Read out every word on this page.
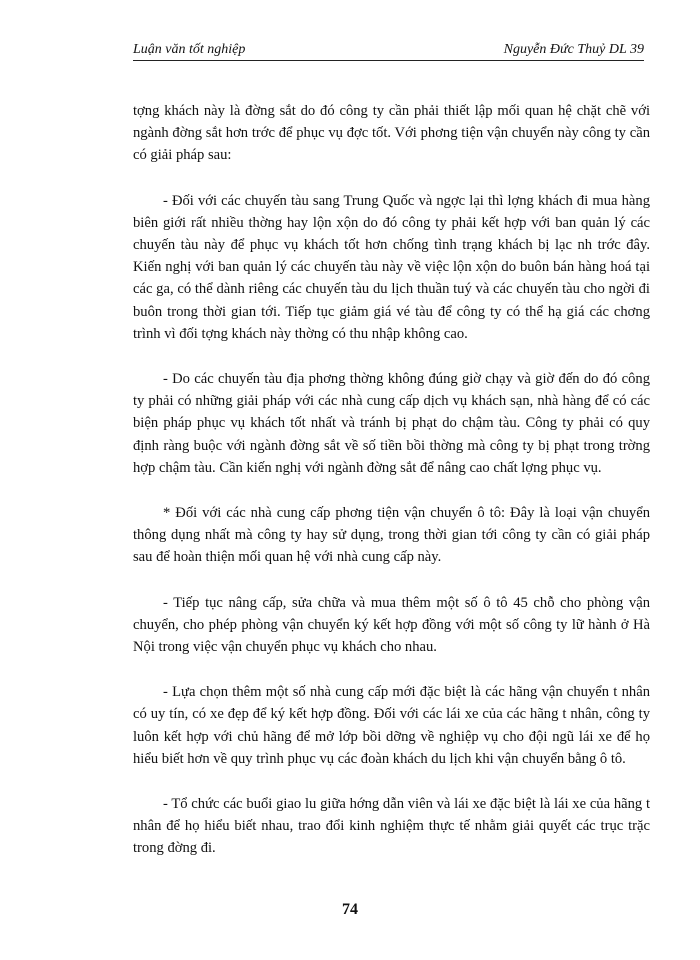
Luận văn tốt nghiệp	Nguyễn Đức Thuỷ DL 39

tợng khách này là đờng sắt do đó công ty cần phải thiết lập mối quan hệ chặt chẽ với ngành đờng sắt hơn trớc để phục vụ đợc tốt. Với phơng tiện vận chuyển này công ty cần có giải pháp sau:

- Đối với các chuyến tàu sang Trung Quốc và ngợc lại thì lợng khách đi mua hàng biên giới rất nhiều thờng hay lộn xộn do đó công ty phải kết hợp với ban quản lý các chuyến tàu này để phục vụ khách tốt hơn chống tình trạng khách bị lạc nh trớc đây. Kiến nghị với ban quản lý các chuyến tàu này về việc lộn xộn do buôn bán hàng hoá tại các ga, có thể dành riêng các chuyến tàu du lịch thuần tuý và các chuyến tàu cho ngời đi buôn trong thời gian tới. Tiếp tục giảm giá vé tàu để công ty có thể hạ giá các chơng trình vì đối tợng khách này thờng có thu nhập không cao.

- Do các chuyến tàu địa phơng thờng không đúng giờ chạy và giờ đến do đó công ty phải có những giải pháp với các nhà cung cấp dịch vụ khách sạn, nhà hàng để có các biện pháp phục vụ khách tốt nhất và tránh bị phạt do chậm tàu. Công ty phải có quy định ràng buộc với ngành đờng sắt về số tiền bồi thờng mà công ty bị phạt trong trờng hợp chậm tàu. Cần kiến nghị với ngành đờng sắt để nâng cao chất lợng phục vụ.

* Đối với các nhà cung cấp phơng tiện vận chuyển ô tô: Đây là loại vận chuyển thông dụng nhất mà công ty hay sử dụng, trong thời gian tới công ty cần có giải pháp sau để hoàn thiện mối quan hệ với nhà cung cấp này.

- Tiếp tục nâng cấp, sửa chữa và mua thêm một số ô tô 45 chỗ cho phòng vận chuyển, cho phép phòng vận chuyển ký kết hợp đồng với một số công ty lữ hành ở Hà Nội trong việc vận chuyển phục vụ khách cho nhau.

- Lựa chọn thêm một số nhà cung cấp mới đặc biệt là các hãng vận chuyển t nhân có uy tín, có xe đẹp để ký kết hợp đồng. Đối với các lái xe của các hãng t nhân, công ty luôn kết hợp với chủ hãng để mở lớp bồi dỡng về nghiệp vụ cho đội ngũ lái xe để họ hiểu biết hơn về quy trình phục vụ các đoàn khách du lịch khi vận chuyển bằng ô tô.

- Tổ chức các buổi giao lu giữa hớng dẫn viên và lái xe đặc biệt là lái xe của hãng t nhân để họ hiểu biết nhau, trao đổi kinh nghiệm thực tế nhằm giải quyết các trục trặc trong đờng đi.

74
